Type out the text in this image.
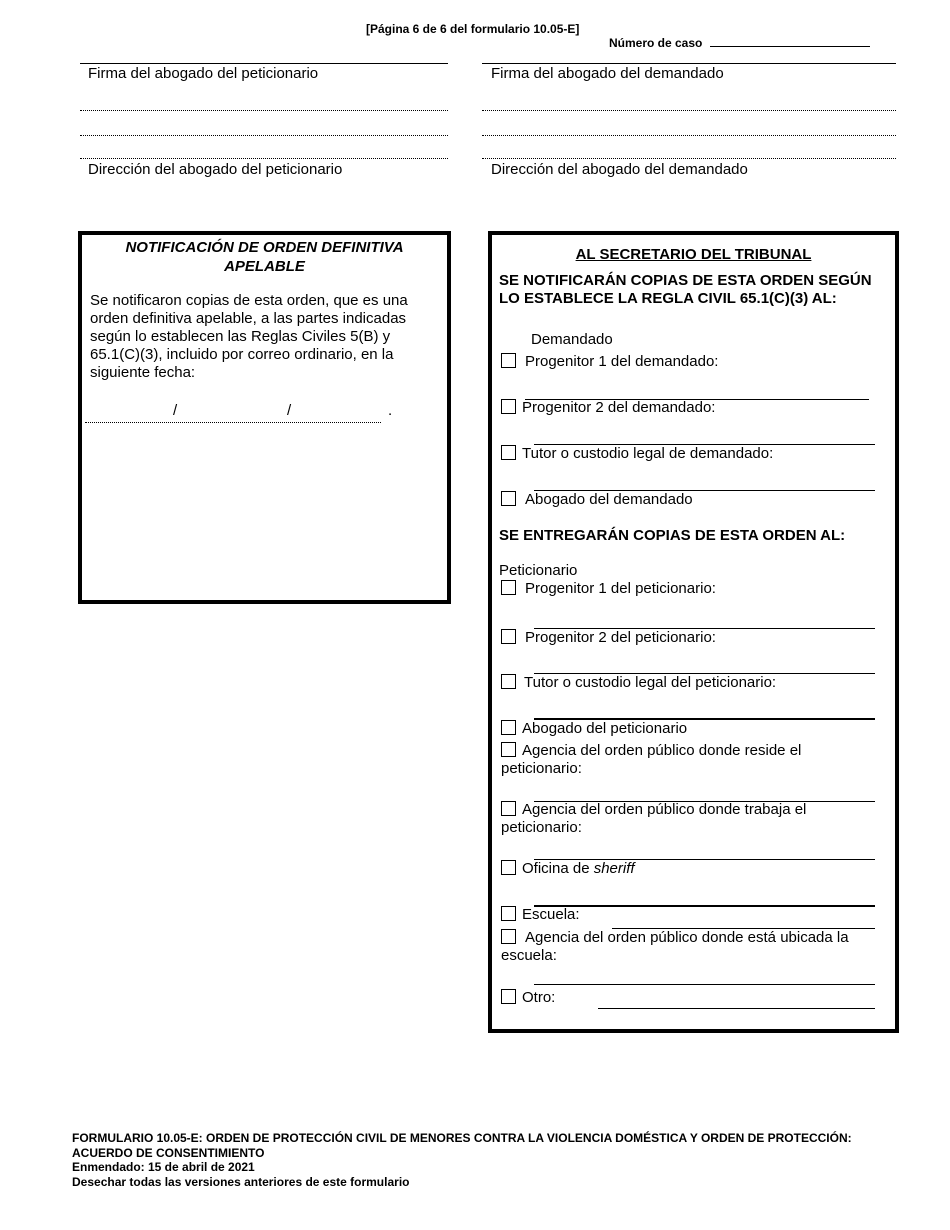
[Página 6 de 6 del formulario 10.05-E]
Número de caso
Firma del abogado del peticionario	Firma del abogado del demandado
Dirección del abogado del peticionario	Dirección del abogado del demandado
NOTIFICACIÓN DE ORDEN DEFINITIVA
APELABLE
Se notificaron copias de esta orden, que es una orden definitiva apelable, a las partes indicadas según lo establecen las Reglas Civiles 5(B) y 65.1(C)(3), incluido por correo ordinario, en la siguiente fecha:
/	/	.
AL SECRETARIO DEL TRIBUNAL
SE NOTIFICARÁN COPIAS DE ESTA ORDEN SEGÚN LO ESTABLECE LA REGLA CIVIL 65.1(C)(3) AL:
Demandado
Progenitor 1 del demandado:
Progenitor 2 del demandado:
Tutor o custodio legal de demandado:
Abogado del demandado
SE ENTREGARÁN COPIAS DE ESTA ORDEN AL:
Peticionario
Progenitor 1 del peticionario:
Progenitor 2 del peticionario:
Tutor o custodio legal del peticionario:
Abogado del peticionario
Agencia del orden público donde reside el peticionario:
Agencia del orden público donde trabaja el peticionario:
Oficina de sheriff
Escuela:
Agencia del orden público donde está ubicada la escuela:
Otro:
FORMULARIO 10.05-E: ORDEN DE PROTECCIÓN CIVIL DE MENORES CONTRA LA VIOLENCIA DOMÉSTICA Y ORDEN DE PROTECCIÓN:
ACUERDO DE CONSENTIMIENTO
Enmendado: 15 de abril de 2021
Desechar todas las versiones anteriores de este formulario
